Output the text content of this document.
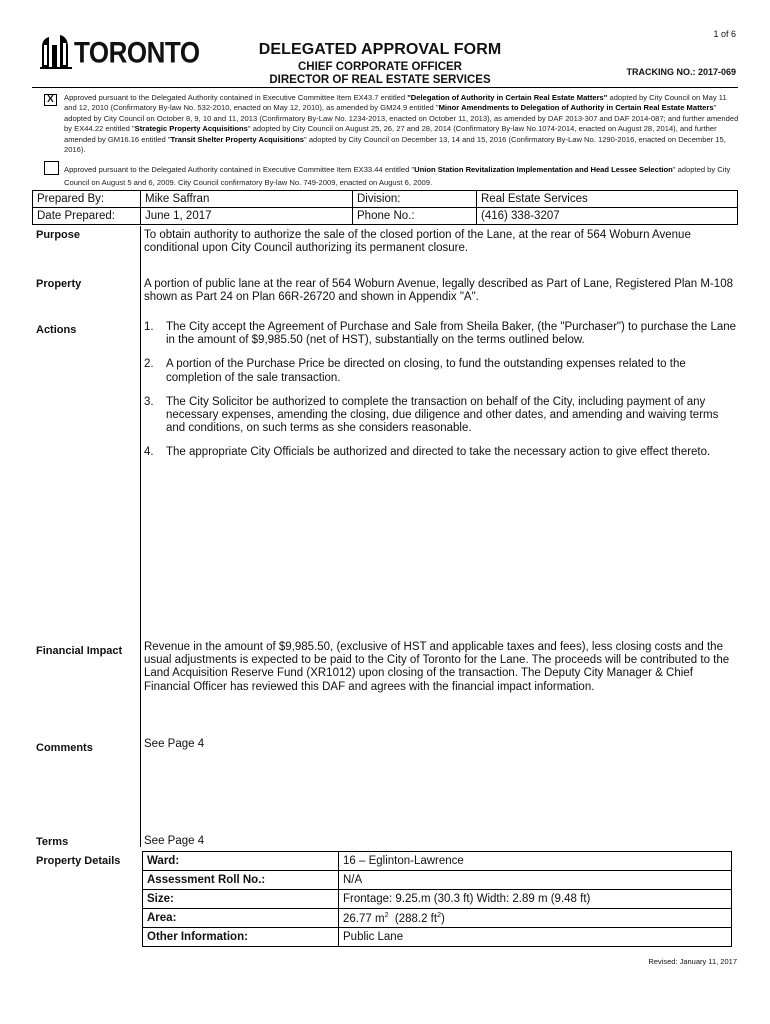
1 of 6
TORONTO	DELEGATED APPROVAL FORM
CHIEF CORPORATE OFFICER
DIRECTOR OF REAL ESTATE SERVICES
TRACKING NO.: 2017-069
X	Approved pursuant to the Delegated Authority contained in Executive Committee Item EX43.7 entitled "Delegation of Authority in Certain Real Estate Matters" adopted by City Council on May 11 and 12, 2010 (Confirmatory By-law No. 532-2010, enacted on May 12, 2010), as amended by GM24.9 entitled "Minor Amendments to Delegation of Authority in Certain Real Estate Matters" adopted by City Council on October 8, 9, 10 and 11, 2013 (Confirmatory By-Law No. 1234-2013, enacted on October 11, 2013), as amended by DAF 2013-307 and DAF 2014-087; and further amended by EX44.22 entitled "Strategic Property Acquisitions" adopted by City Council on August 25, 26, 27 and 28, 2014 (Confirmatory By-law No.1074-2014, enacted on August 28, 2014), and further amended by GM16.16 entitled "Transit Shelter Property Acquisitions" adopted by City Council on December 13, 14 and 15, 2016 (Confirmatory By-Law No. 1290-2016, enacted on December 15, 2016).
Approved pursuant to the Delegated Authority contained in Executive Committee Item EX33.44 entitled "Union Station Revitalization Implementation and Head Lessee Selection" adopted by City Council on August 5 and 6, 2009. City Council confirmatory By-law No. 749-2009, enacted on August 6, 2009.
Prepared By:	Mike Saffran	Division:	Real Estate Services
Date Prepared:	June 1, 2017	Phone No.:	(416) 338-3207
Purpose	To obtain authority to authorize the sale of the closed portion of the Lane, at the rear of 564 Woburn Avenue conditional upon City Council authorizing its permanent closure.
Property	A portion of public lane at the rear of 564 Woburn Avenue, legally described as Part of Lane, Registered Plan M-108 shown as Part 24 on Plan 66R-26720 and shown in Appendix "A".
Actions	1.	The City accept the Agreement of Purchase and Sale from Sheila Baker, (the "Purchaser") to purchase the Lane in the amount of $9,985.50 (net of HST), substantially on the terms outlined below.
2.	A portion of the Purchase Price be directed on closing, to fund the outstanding expenses related to the completion of the sale transaction.
3.	The City Solicitor be authorized to complete the transaction on behalf of the City, including payment of any necessary expenses, amending the closing, due diligence and other dates, and amending and waiving terms and conditions, on such terms as she considers reasonable.
4.	The appropriate City Officials be authorized and directed to take the necessary action to give effect thereto.
Financial Impact Revenue in the amount of $9,985.50, (exclusive of HST and applicable taxes and fees), less closing costs and the usual adjustments is expected to be paid to the City of Toronto for the Lane. The proceeds will be contributed to the Land Acquisition Reserve Fund (XR1012) upon closing of the transaction. The Deputy City Manager & Chief Financial Officer has reviewed this DAF and agrees with the financial impact information.
Comments	See Page 4
Terms	See Page 4
Property Details Ward:	16 – Eglinton-Lawrence
Assessment Roll No.:	N/A
Size:	Frontage: 9.25.m (30.3 ft) Width: 2.89 m (9.48 ft)
Area:	26.77 $m^2$  (288.2 $ft^2$)
Other Information:	Public Lane
Revised: January 11, 2017
